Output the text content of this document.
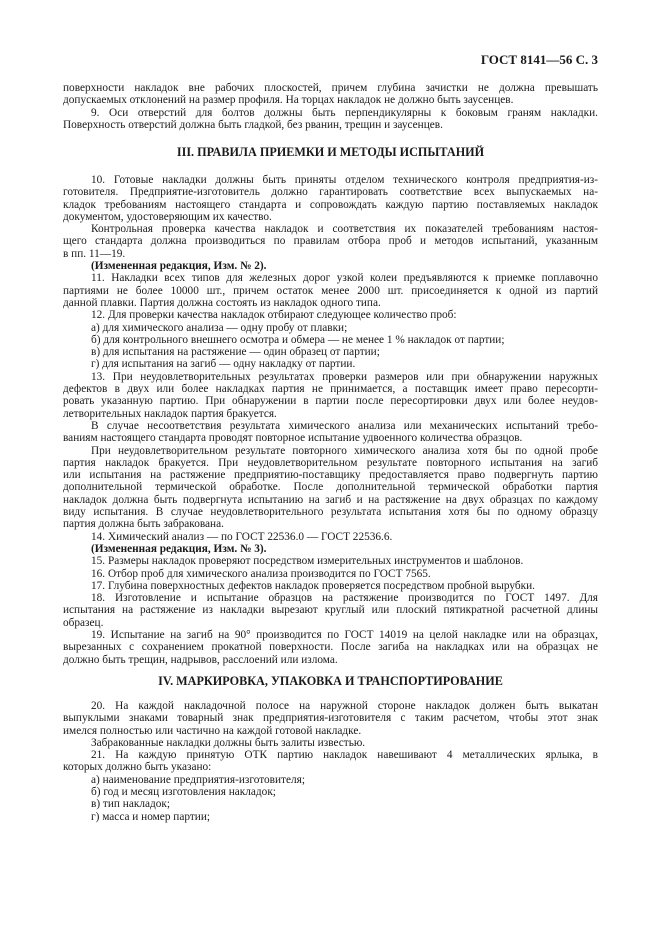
ГОСТ 8141—56 С. 3
поверхности накладок вне рабочих плоскостей, причем глубина зачистки не должна превышать
допускаемых отклонений на размер профиля. На торцах накладок не должно быть заусенцев.
9. Оси отверстий для болтов должны быть перпендикулярны к боковым граням накладки.
Поверхность отверстий должна быть гладкой, без рванин, трещин и заусенцев.
III. ПРАВИЛА ПРИЕМКИ И МЕТОДЫ ИСПЫТАНИЙ
10. Готовые накладки должны быть приняты отделом технического контроля предприятия-из-
готовителя. Предприятие-изготовитель должно гарантировать соответствие всех выпускаемых на-
кладок требованиям настоящего стандарта и сопровождать каждую партию поставляемых накладок
документом, удостоверяющим их качество.
Контрольная проверка качества накладок и соответствия их показателей требованиям настоя-
щего стандарта должна производиться по правилам отбора проб и методов испытаний, указанным
в пп. 11—19.
(Измененная редакция, Изм. № 2).
11. Накладки всех типов для железных дорог узкой колеи предъявляются к приемке поплавочно
партиями не более 10000 шт., причем остаток менее 2000 шт. присоединяется к одной из партий
данной плавки. Партия должна состоять из накладок одного типа.
12. Для проверки качества накладок отбирают следующее количество проб:
а) для химического анализа — одну пробу от плавки;
б) для контрольного внешнего осмотра и обмера — не менее 1 % накладок от партии;
в) для испытания на растяжение — один образец от партии;
г) для испытания на загиб — одну накладку от партии.
13. При неудовлетворительных результатах проверки размеров или при обнаружении наружных
дефектов в двух или более накладках партия не принимается, а поставщик имеет право пересорти-
ровать указанную партию. При обнаружении в партии после пересортировки двух или более неудов-
летворительных накладок партия бракуется.
В случае несоответствия результата химического анализа или механических испытаний требо-
ваниям настоящего стандарта проводят повторное испытание удвоенного количества образцов.
При неудовлетворительном результате повторного химического анализа хотя бы по одной пробе
партия накладок бракуется. При неудовлетворительном результате повторного испытания на загиб
или испытания на растяжение предприятию-поставщику предоставляется право подвергнуть партию
дополнительной термической обработке. После дополнительной термической обработки партия
накладок должна быть подвергнута испытанию на загиб и на растяжение на двух образцах по каждому
виду испытания. В случае неудовлетворительного результата испытания хотя бы по одному образцу
партия должна быть забракована.
14. Химический анализ — по ГОСТ 22536.0 — ГОСТ 22536.6.
(Измененная редакция, Изм. № 3).
15. Размеры накладок проверяют посредством измерительных инструментов и шаблонов.
16. Отбор проб для химического анализа производится по ГОСТ 7565.
17. Глубина поверхностных дефектов накладок проверяется посредством пробной вырубки.
18. Изготовление и испытание образцов на растяжение производится по ГОСТ 1497. Для
испытания на растяжение из накладки вырезают круглый или плоский пятикратной расчетной длины
образец.
19. Испытание на загиб на 90° производится по ГОСТ 14019 на целой накладке или на образцах,
вырезанных с сохранением прокатной поверхности. После загиба на накладках или на образцах не
должно быть трещин, надрывов, расслоений или излома.
IV. МАРКИРОВКА, УПАКОВКА И ТРАНСПОРТИРОВАНИЕ
20. На каждой накладочной полосе на наружной стороне накладок должен быть выкатан
выпуклыми знаками товарный знак предприятия-изготовителя с таким расчетом, чтобы этот знак
имелся полностью или частично на каждой готовой накладке.
Забракованные накладки должны быть залиты известью.
21. На каждую принятую ОТК партию накладок навешивают 4 металлических ярлыка, в
которых должно быть указано:
а) наименование предприятия-изготовителя;
б) год и месяц изготовления накладок;
в) тип накладок;
г) масса и номер партии;
